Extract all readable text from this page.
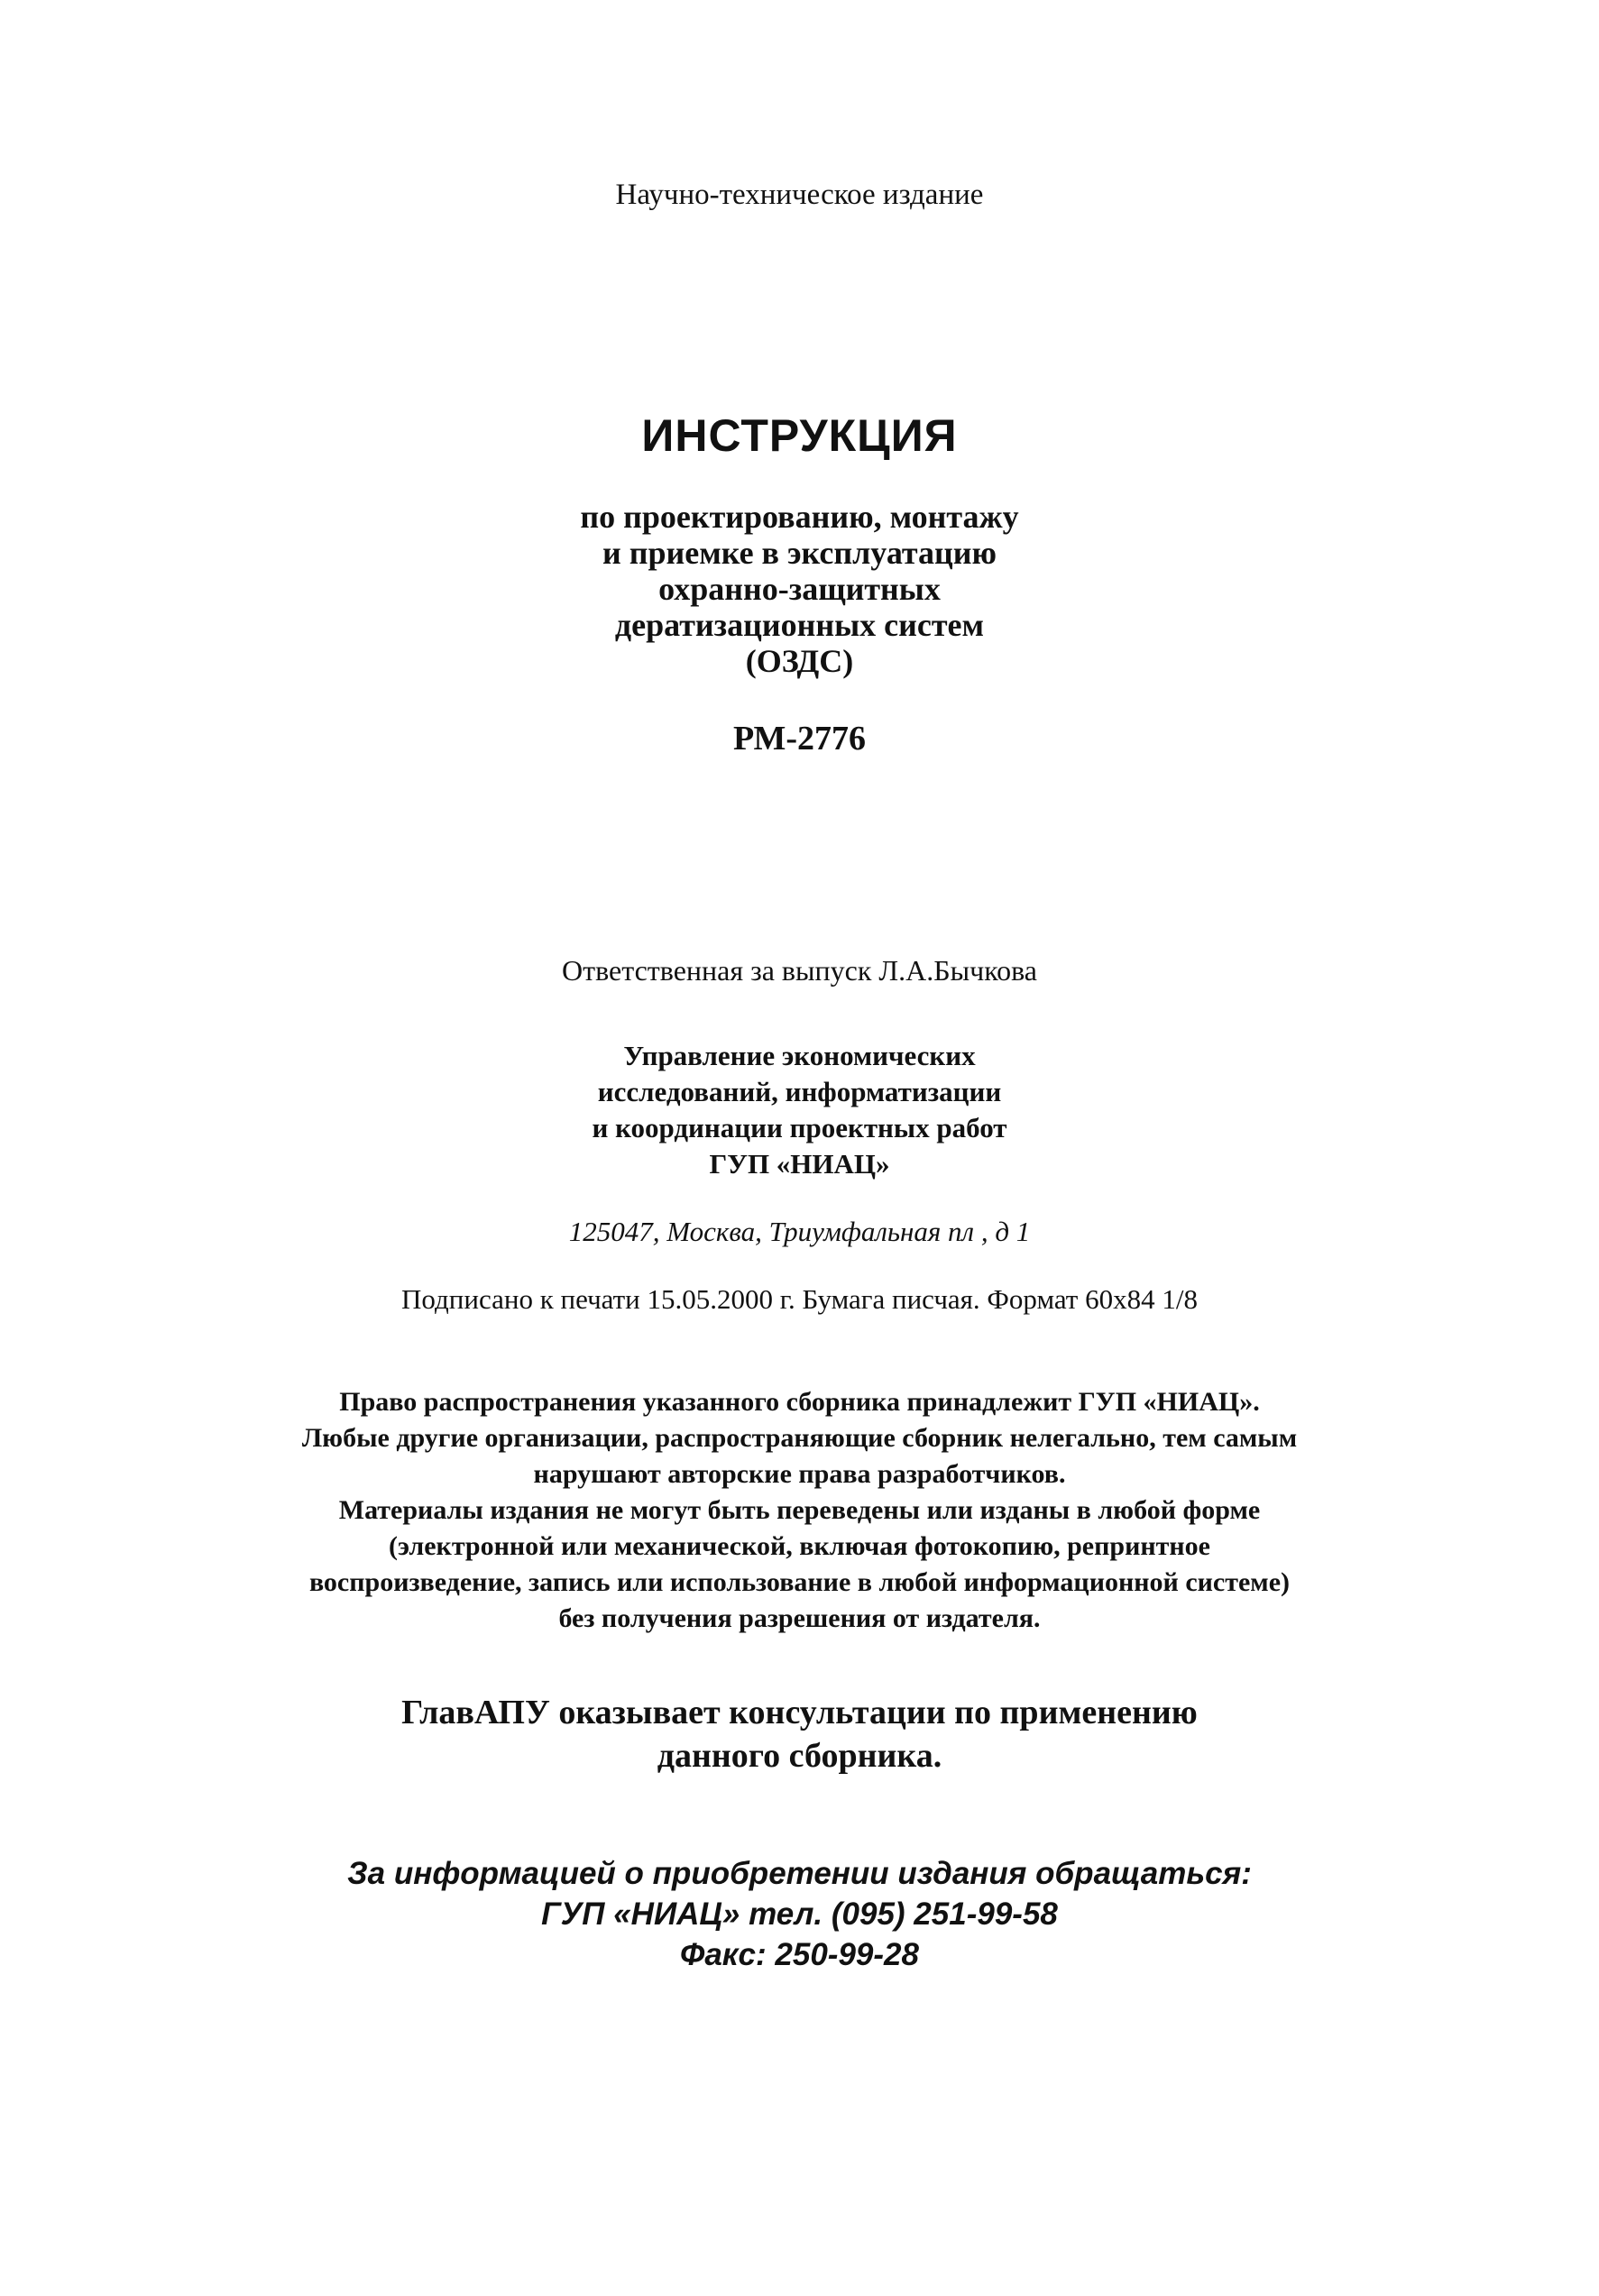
Научно-техническое издание
ИНСТРУКЦИЯ
по проектированию, монтажу
и приемке в эксплуатацию
охранно-защитных
дератизационных систем
(ОЗДС)
РМ-2776
Ответственная за выпуск Л.А.Бычкова
Управление экономических
исследований, информатизации
и координации проектных работ
ГУП «НИАЦ»
125047, Москва, Триумфальная пл , д 1
Подписано к печати 15.05.2000 г. Бумага писчая. Формат 60x84 1/8
Право распространения указанного сборника принадлежит ГУП «НИАЦ».
Любые другие организации, распространяющие сборник нелегально, тем самым
нарушают авторские права разработчиков.
Материалы издания не могут быть переведены или изданы в любой форме
(электронной или механической, включая фотокопию, репринтное
воспроизведение, запись или использование в любой информационной системе)
без получения разрешения от издателя.
ГлавАПУ оказывает консультации по применению
данного сборника.
За информацией о приобретении издания обращаться:
ГУП «НИАЦ» тел. (095) 251-99-58
Факс: 250-99-28
